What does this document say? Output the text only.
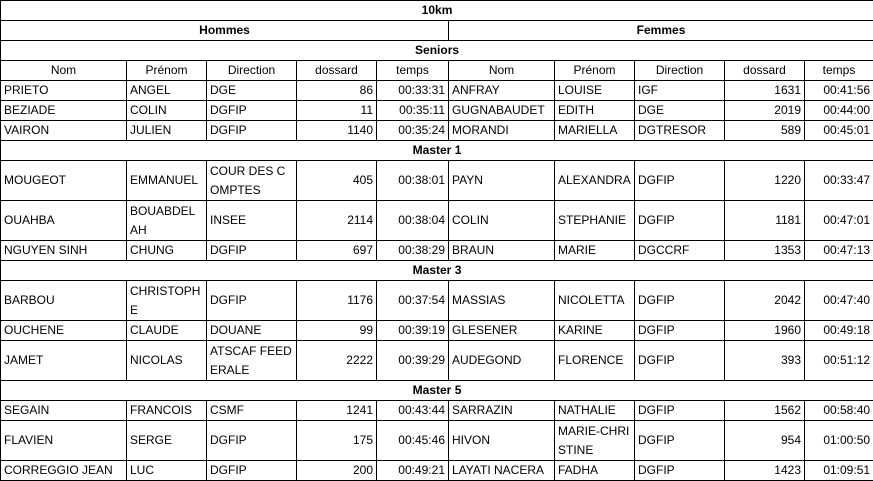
10km									
Hommes					Femmes				
Seniors									
Nom	Prénom	Direction	dossard	temps	Nom	Prénom	Direction	dossard	temps
PRIETO	ANGEL	DGE	86	00:33:31	ANFRAY	LOUISE	IGF	1631	00:41:56
BEZIADE	COLIN	DGFIP	11	00:35:11	GUGNABAUDET	EDITH	DGE	2019	00:44:00
VAIRON	JULIEN	DGFIP	1140	00:35:24	MORANDI	MARIELLA	DGTRESOR	589	00:45:01
Master 1									
MOUGEOT	EMMANUEL	COUR DES COMPTES	405	00:38:01	PAYN	ALEXANDRA	DGFIP	1220	00:33:47
OUAHBA	BOUABDELAH	INSEE	2114	00:38:04	COLIN	STEPHANIE	DGFIP	1181	00:47:01
NGUYEN SINH	CHUNG	DGFIP	697	00:38:29	BRAUN	MARIE	DGCCRF	1353	00:47:13
Master 3									
BARBOU	CHRISTOPHE	DGFIP	1176	00:37:54	MASSIAS	NICOLETTA	DGFIP	2042	00:47:40
OUCHENE	CLAUDE	DOUANE	99	00:39:19	GLESENER	KARINE	DGFIP	1960	00:49:18
JAMET	NICOLAS	ATSCAF FEEDERALE	2222	00:39:29	AUDEGOND	FLORENCE	DGFIP	393	00:51:12
Master 5									
SEGAIN	FRANCOIS	CSMF	1241	00:43:44	SARRAZIN	NATHALIE	DGFIP	1562	00:58:40
FLAVIEN	SERGE	DGFIP	175	00:45:46	HIVON	MARIE-CHRISTINE	DGFIP	954	01:00:50
CORREGGIO JEAN	LUC	DGFIP	200	00:49:21	LAYATI NACERA	FADHA	DGFIP	1423	01:09:51
